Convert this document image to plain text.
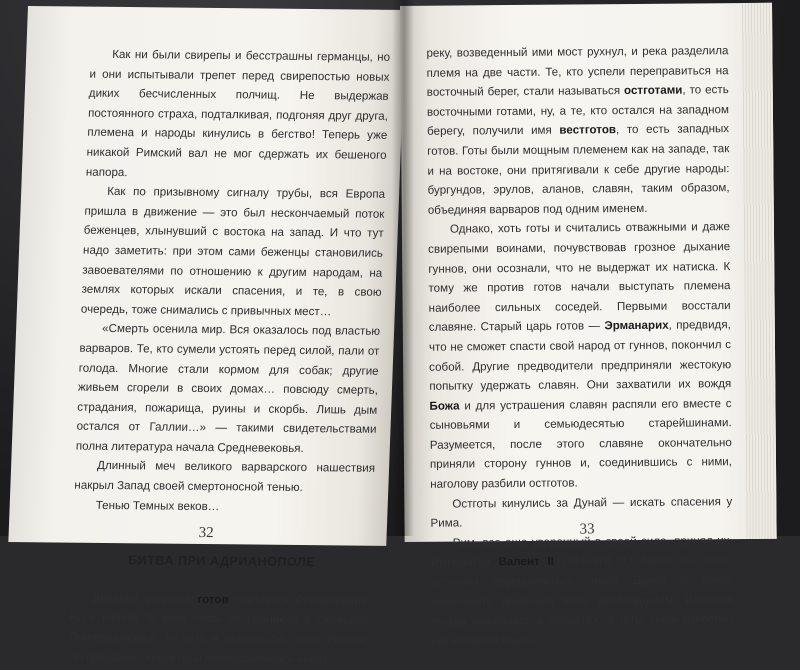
Как ни были свирепы и бесстрашны германцы, но и они испытывали трепет перед свирепостью новых диких бесчисленных полчищ. Не выдержав постоянного страха, подталкивая, подгоняя друг друга, племена и народы кинулись в бегство! Теперь уже никакой Римский вал не мог сдержать их бешеного напора.

Как по призывному сигналу трубы, вся Европа пришла в движение — это был нескончаемый поток беженцев, хлынувший с востока на запад. И что тут надо заметить: при этом сами беженцы становились завоевателями по отношению к другим народам, на землях которых искали спасения, и те, в свою очередь, тоже снимались с привычных мест…

«Смерть осенила мир. Вся оказалось под властью варваров. Те, кто сумели устоять перед силой, пали от голода. Многие стали кормом для собак; другие живьем сгорели в своих домах… повсюду смерть, страдания, пожарища, руины и скорбь. Лишь дым остался от Галлии…» — такими свидетельствами полна литература начала Средневековья.

Длинный меч великого варварского нашествия накрыл Запад своей смертоносной тенью.

Тенью Темных веков…

БИТВА ПРИ АДРИАНОПОЛЕ

Древней родиной готов считается Скандинавия. Но к началу III века часть их проникла в Северное Причерноморье, то есть в нынешнюю часть России. По преданию, когда готы переправлялись через

32

реку, возведенный ими мост рухнул, и река разделила племя на две части. Те, кто успели переправиться на восточный берег, стали называться остготами, то есть восточными готами, ну, а те, кто остался на западном берегу, получили имя вестготов, то есть западных готов. Готы были мощным племенем как на западе, так и на востоке, они притягивали к себе другие народы: бургундов, эрулов, аланов, славян, таким образом, объединяя варваров под одним именем.

Однако, хоть готы и считались отважными и даже свирепыми воинами, почувствовав грозное дыхание гуннов, они осознали, что не выдержат их натиска. К тому же против готов начали выступать племена наиболее сильных соседей. Первыми восстали славяне. Старый царь готов — Эрманарих, предвидя, что не сможет спасти свой народ от гуннов, покончил с собой. Другие предводители предприняли жестокую попытку удержать славян. Они захватили их вождя Божа и для устрашения славян распяли его вместе с сыновьями и семьюдесятью старейшинами. Разумеется, после этого славяне окончательно приняли сторону гуннов и, соединившись с ними, наголову разбили остготов.

Остготы кинулись за Дунай — искать спасения у Рима.

Рим, все еще уверенный в своей силе, принял их. Император Валент II (364–378 гг.) будто бы помог остготам переправиться через Дунай и велел обеспечить беженцев всем необходимым. Империя всегда нуждалась в солдатах, а готы были известны как храбрые воины.

33
